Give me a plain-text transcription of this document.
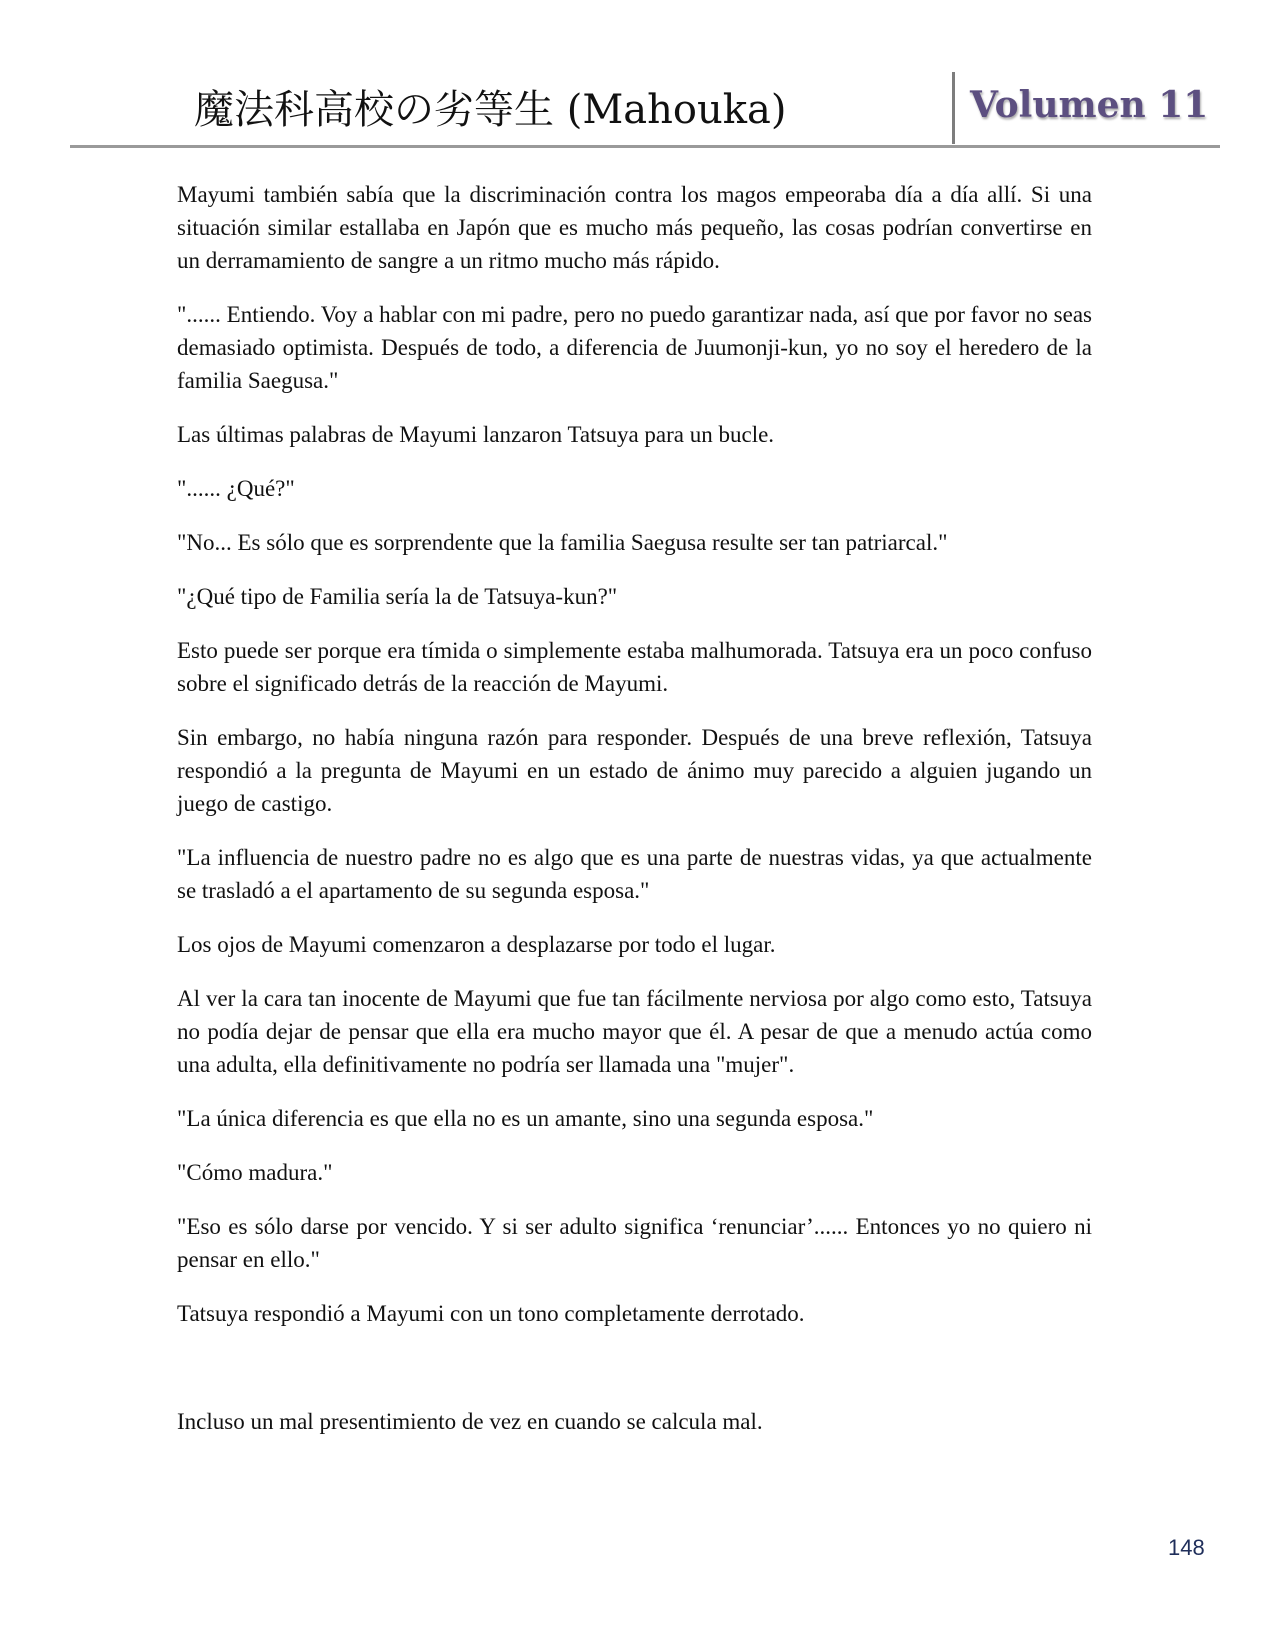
魔法科高校の劣等生 (Mahouka)	Volumen 11

Mayumi también sabía que la discriminación contra los magos empeoraba día a día allí. Si una situación similar estallaba en Japón que es mucho más pequeño, las cosas podrían convertirse en un derramamiento de sangre a un ritmo mucho más rápido.

"...... Entiendo. Voy a hablar con mi padre, pero no puedo garantizar nada, así que por favor no seas demasiado optimista. Después de todo, a diferencia de Juumonji-kun, yo no soy el heredero de la familia Saegusa."

Las últimas palabras de Mayumi lanzaron Tatsuya para un bucle.

"...... ¿Qué?"

"No... Es sólo que es sorprendente que la familia Saegusa resulte ser tan patriarcal."

"¿Qué tipo de Familia sería la de Tatsuya-kun?"

Esto puede ser porque era tímida o simplemente estaba malhumorada. Tatsuya era un poco confuso sobre el significado detrás de la reacción de Mayumi.

Sin embargo, no había ninguna razón para responder. Después de una breve reflexión, Tatsuya respondió a la pregunta de Mayumi en un estado de ánimo muy parecido a alguien jugando un juego de castigo.

"La influencia de nuestro padre no es algo que es una parte de nuestras vidas, ya que actualmente se trasladó a el apartamento de su segunda esposa."

Los ojos de Mayumi comenzaron a desplazarse por todo el lugar.

Al ver la cara tan inocente de Mayumi que fue tan fácilmente nerviosa por algo como esto, Tatsuya no podía dejar de pensar que ella era mucho mayor que él. A pesar de que a menudo actúa como una adulta, ella definitivamente no podría ser llamada una "mujer".

"La única diferencia es que ella no es un amante, sino una segunda esposa."

"Cómo madura."

"Eso es sólo darse por vencido. Y si ser adulto significa ‘renunciar’...... Entonces yo no quiero ni pensar en ello."

Tatsuya respondió a Mayumi con un tono completamente derrotado.

Incluso un mal presentimiento de vez en cuando se calcula mal.

148
